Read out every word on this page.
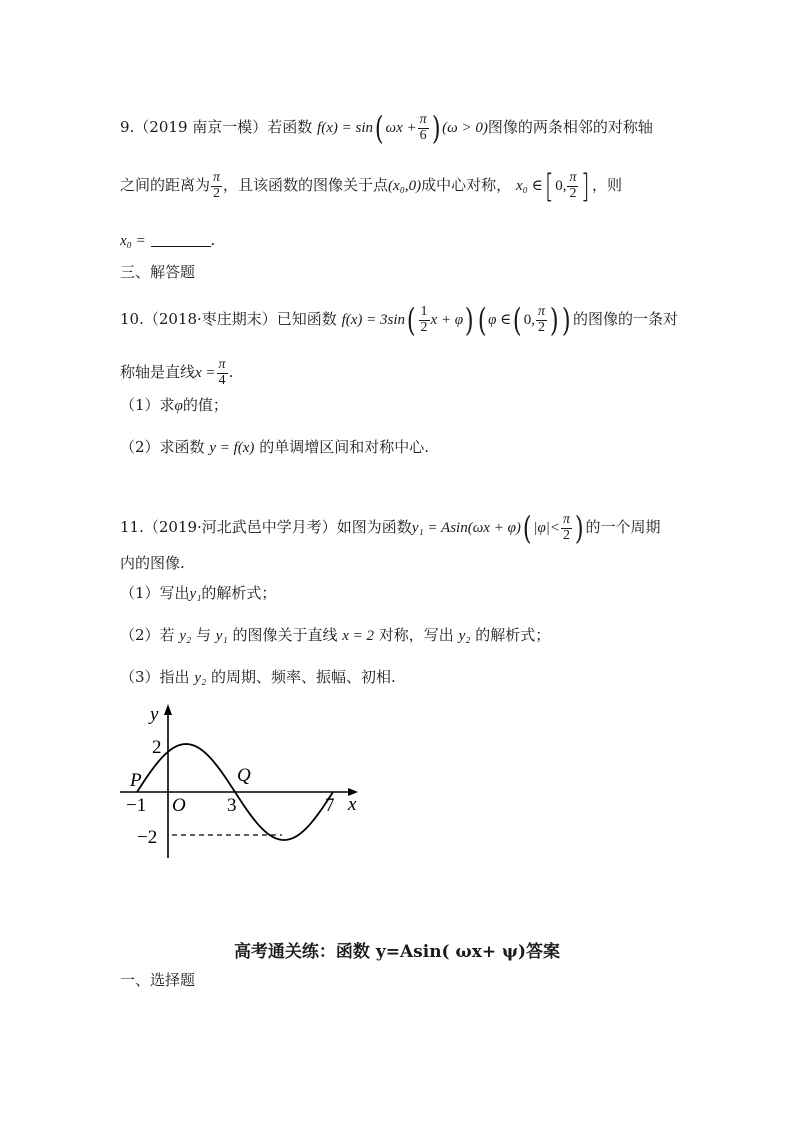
9.（2019 南京一模）若函数 f(x) = sin( $\omega x + \frac{\pi}{6}$ ) (ω > 0)图像的两条相邻的对称轴
之间的距离为 $\frac{\pi}{2}$ ，且该函数的图像关于点(x₀,0)成中心对称， x₀ ∈[ 0, $\frac{\pi}{2}$ ] ，则
x₀ =	.
三、解答题
10.（2018·枣庄期末）已知函数 $f(x) = 3\sin( \frac{1}{2}$ x + φ) ( φ ∈( 0, $\frac{\pi}{2}$ ) ) 的图像的一条对
称轴是直线$x = \frac{\pi}{4}$ .
（1）求φ的值；
（2）求函数 y = f(x) 的单调增区间和对称中心.
11.（2019·河北武邑中学月考）如图为函数y₁ = Asin(ωx + φ)( $|\varphi|< \frac{\pi}{2}$ ) 的一个周期
内的图像.
（1）写出y₁的解析式；
（2）若 y₂ 与 y₁ 的图像关于直线 x = 2 对称，写出 y₂ 的解析式；
（3）指出 y₂ 的周期、频率、振幅、初相.
y
x
2
−2
−1 O 3	7
P	Q
高考通关练：函数 y=Asin( ωx+ ψ)答案
一、选择题
